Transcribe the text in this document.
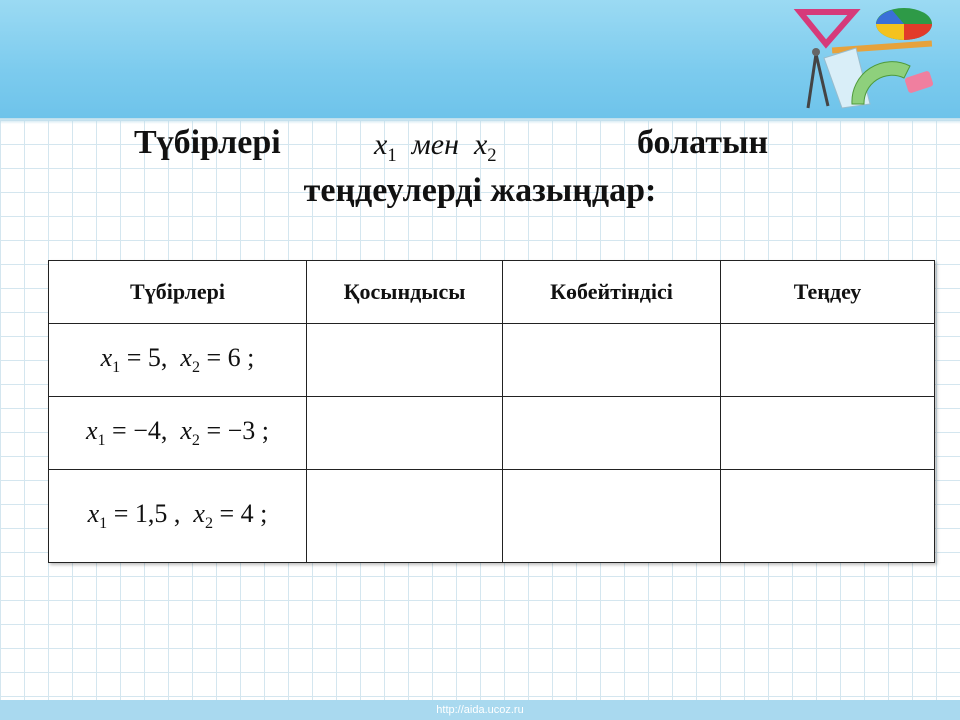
Түбірлері	$x_1$ мен $x_2$	болатын
теңдеулерді жазыңдар:
Түбірлері	Қосындысы	Көбейтіндісі	Теңдеу
$x_1 = 5$, $x_2 = 6$ ;			
$x_1 = -4$, $x_2 = -3$ ;			
$x_1 = 1,5$ , $x_2 = 4$ ;			
http://aida.ucoz.ru
